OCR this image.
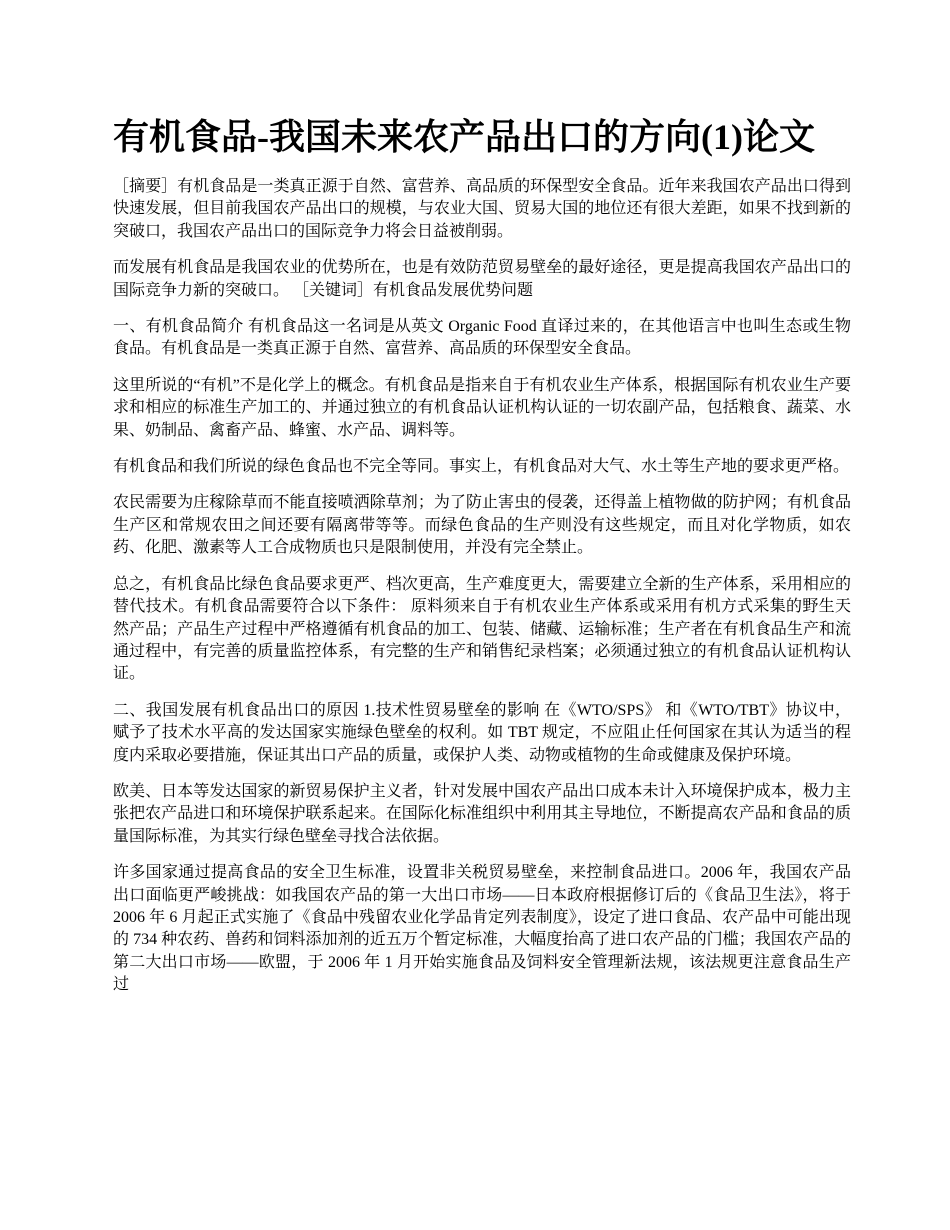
有机食品-我国未来农产品出口的方向(1)论文

［摘要］有机食品是一类真正源于自然、富营养、高品质的环保型安全食品。近年来我国农产品出口得到快速发展，但目前我国农产品出口的规模，与农业大国、贸易大国的地位还有很大差距，如果不找到新的突破口，我国农产品出口的国际竞争力将会日益被削弱。

而发展有机食品是我国农业的优势所在，也是有效防范贸易壁垒的最好途径，更是提高我国农产品出口的国际竞争力新的突破口。 ［关键词］有机食品发展优势问题

一、有机食品简介 有机食品这一名词是从英文 Organic Food 直译过来的，在其他语言中也叫生态或生物食品。有机食品是一类真正源于自然、富营养、高品质的环保型安全食品。

这里所说的“有机”不是化学上的概念。有机食品是指来自于有机农业生产体系，根据国际有机农业生产要求和相应的标准生产加工的、并通过独立的有机食品认证机构认证的一切农副产品，包括粮食、蔬菜、水果、奶制品、禽畜产品、蜂蜜、水产品、调料等。

有机食品和我们所说的绿色食品也不完全等同。事实上，有机食品对大气、水土等生产地的要求更严格。

农民需要为庄稼除草而不能直接喷洒除草剂；为了防止害虫的侵袭，还得盖上植物做的防护网；有机食品生产区和常规农田之间还要有隔离带等等。而绿色食品的生产则没有这些规定，而且对化学物质，如农药、化肥、激素等人工合成物质也只是限制使用，并没有完全禁止。

总之，有机食品比绿色食品要求更严、档次更高，生产难度更大，需要建立全新的生产体系，采用相应的替代技术。有机食品需要符合以下条件： 原料须来自于有机农业生产体系或采用有机方式采集的野生天然产品；产品生产过程中严格遵循有机食品的加工、包装、储藏、运输标准；生产者在有机食品生产和流通过程中，有完善的质量监控体系，有完整的生产和销售纪录档案；必须通过独立的有机食品认证机构认证。

二、我国发展有机食品出口的原因 1.技术性贸易壁垒的影响 在《WTO/SPS》 和《WTO/TBT》协议中，赋予了技术水平高的发达国家实施绿色壁垒的权利。如 TBT 规定，不应阻止任何国家在其认为适当的程度内采取必要措施，保证其出口产品的质量，或保护人类、动物或植物的生命或健康及保护环境。

欧美、日本等发达国家的新贸易保护主义者，针对发展中国农产品出口成本未计入环境保护成本，极力主张把农产品进口和环境保护联系起来。在国际化标准组织中利用其主导地位，不断提高农产品和食品的质量国际标准，为其实行绿色壁垒寻找合法依据。

许多国家通过提高食品的安全卫生标准，设置非关税贸易壁垒，来控制食品进口。2006 年，我国农产品出口面临更严峻挑战：如我国农产品的第一大出口市场——日本政府根据修订后的《食品卫生法》，将于 2006 年 6 月起正式实施了《食品中残留农业化学品肯定列表制度》，设定了进口食品、农产品中可能出现的 734 种农药、兽药和饲料添加剂的近五万个暂定标准，大幅度抬高了进口农产品的门槛；我国农产品的第二大出口市场——欧盟，于 2006 年 1 月开始实施食品及饲料安全管理新法规，该法规更注意食品生产过
